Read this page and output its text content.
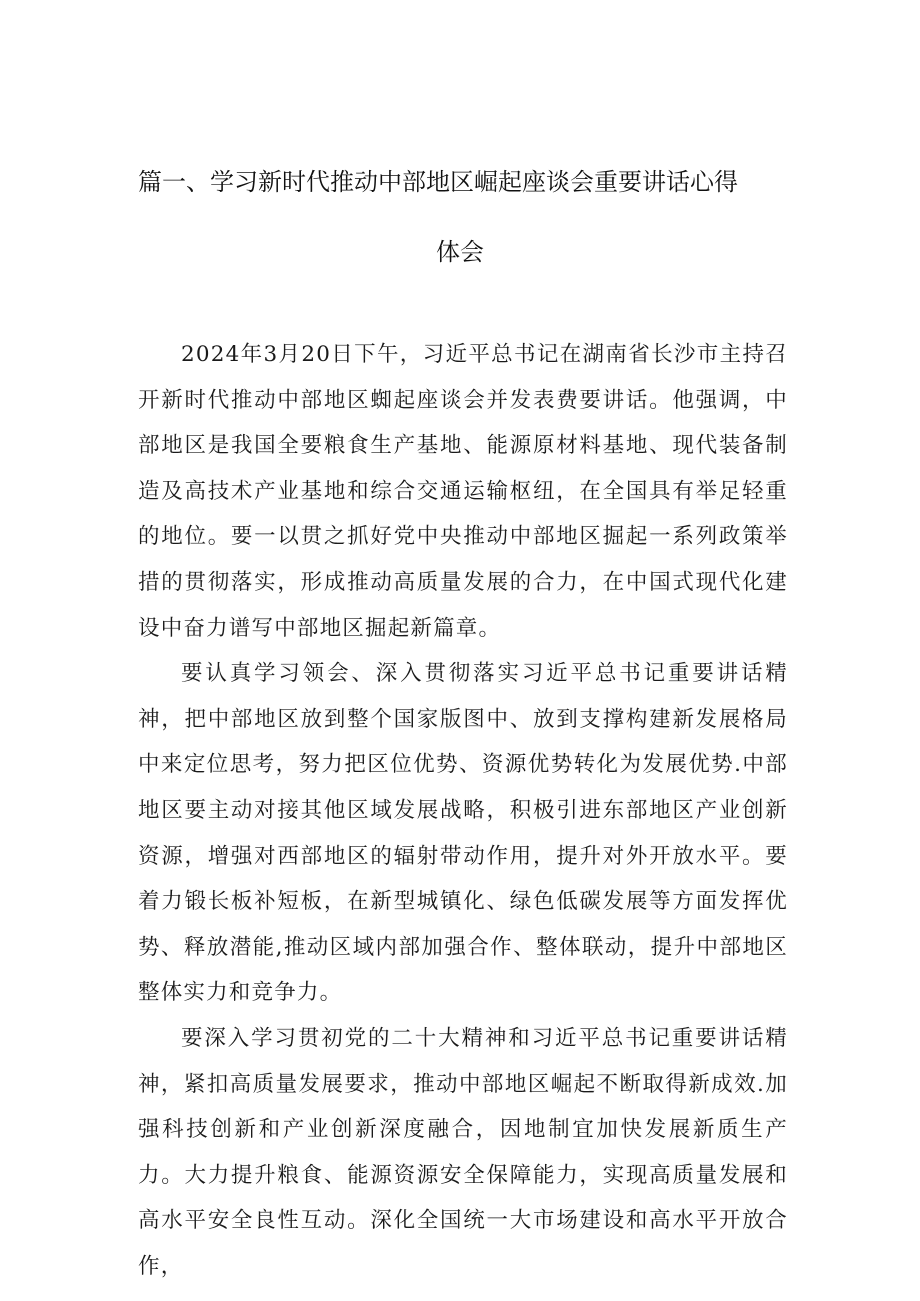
篇一、学习新时代推动中部地区崛起座谈会重要讲话心得
体会

2024年3月20日下午，习近平总书记在湖南省长沙市主持召开新时代推动中部地区蜘起座谈会并发表费要讲话。他强调，中部地区是我国全要粮食生产基地、能源原材料基地、现代装备制造及高技术产业基地和综合交通运输枢纽，在全国具有举足轻重的地位。要一以贯之抓好党中央推动中部地区掘起一系列政策举措的贯彻落实，形成推动高质量发展的合力，在中国式现代化建设中奋力谱写中部地区掘起新篇章。

要认真学习领会、深入贯彻落实习近平总书记重要讲话精神，把中部地区放到整个国家版图中、放到支撑构建新发展格局中来定位思考，努力把区位优势、资源优势转化为发展优势.中部地区要主动对接其他区域发展战略，积极引进东部地区产业创新资源，增强对西部地区的辐射带动作用，提升对外开放水平。要着力锻长板补短板，在新型城镇化、绿色低碳发展等方面发挥优势、释放潜能,推动区域内部加强合作、整体联动，提升中部地区整体实力和竞争力。

要深入学习贯初党的二十大精神和习近平总书记重要讲话精神，紧扣高质量发展要求，推动中部地区崛起不断取得新成效.加强科技创新和产业创新深度融合，因地制宜加快发展新质生产力。大力提升粮食、能源资源安全保障能力，实现高质量发展和高水平安全良性互动。深化全国统一大市场建设和高水平开放合作，
